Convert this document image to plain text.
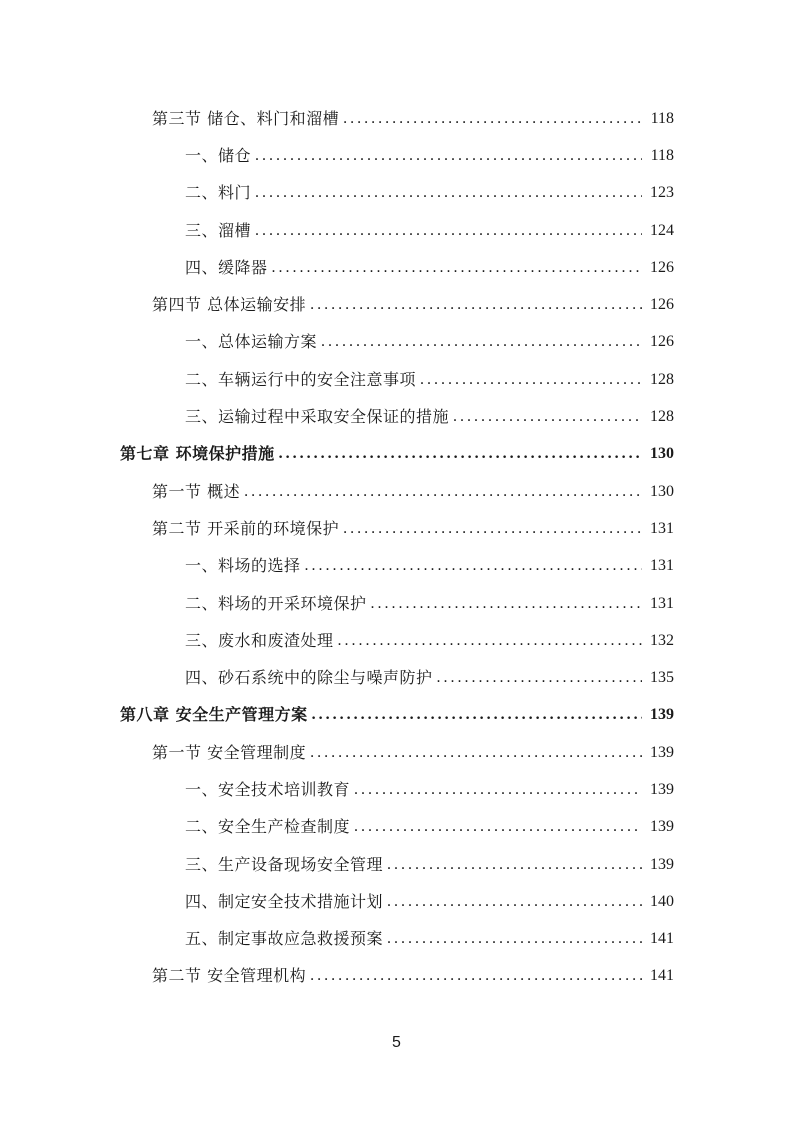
第三节 储仓、料门和溜槽 . . .	118
一、储仓 . . .	118
二、料门 . . .	123
三、溜槽 . . .	124
四、缓降器 . . .	126
第四节 总体运输安排 . . .	126
一、总体运输方案 . . .	126
二、车辆运行中的安全注意事项 . . .	128
三、运输过程中采取安全保证的措施 . . .	128
第七章 环境保护措施 . . .	130
第一节 概述 . . .	130
第二节 开采前的环境保护 . . .	131
一、料场的选择 . . .	131
二、料场的开采环境保护 . . .	131
三、废水和废渣处理 . . .	132
四、砂石系统中的除尘与噪声防护 . . .	135
第八章 安全生产管理方案 . . .	139
第一节 安全管理制度 . . .	139
一、安全技术培训教育 . . .	139
二、安全生产检查制度 . . .	139
三、生产设备现场安全管理 . . .	139
四、制定安全技术措施计划 . . .	140
五、制定事故应急救援预案 . . .	141
第二节 安全管理机构 . . .	141
5
